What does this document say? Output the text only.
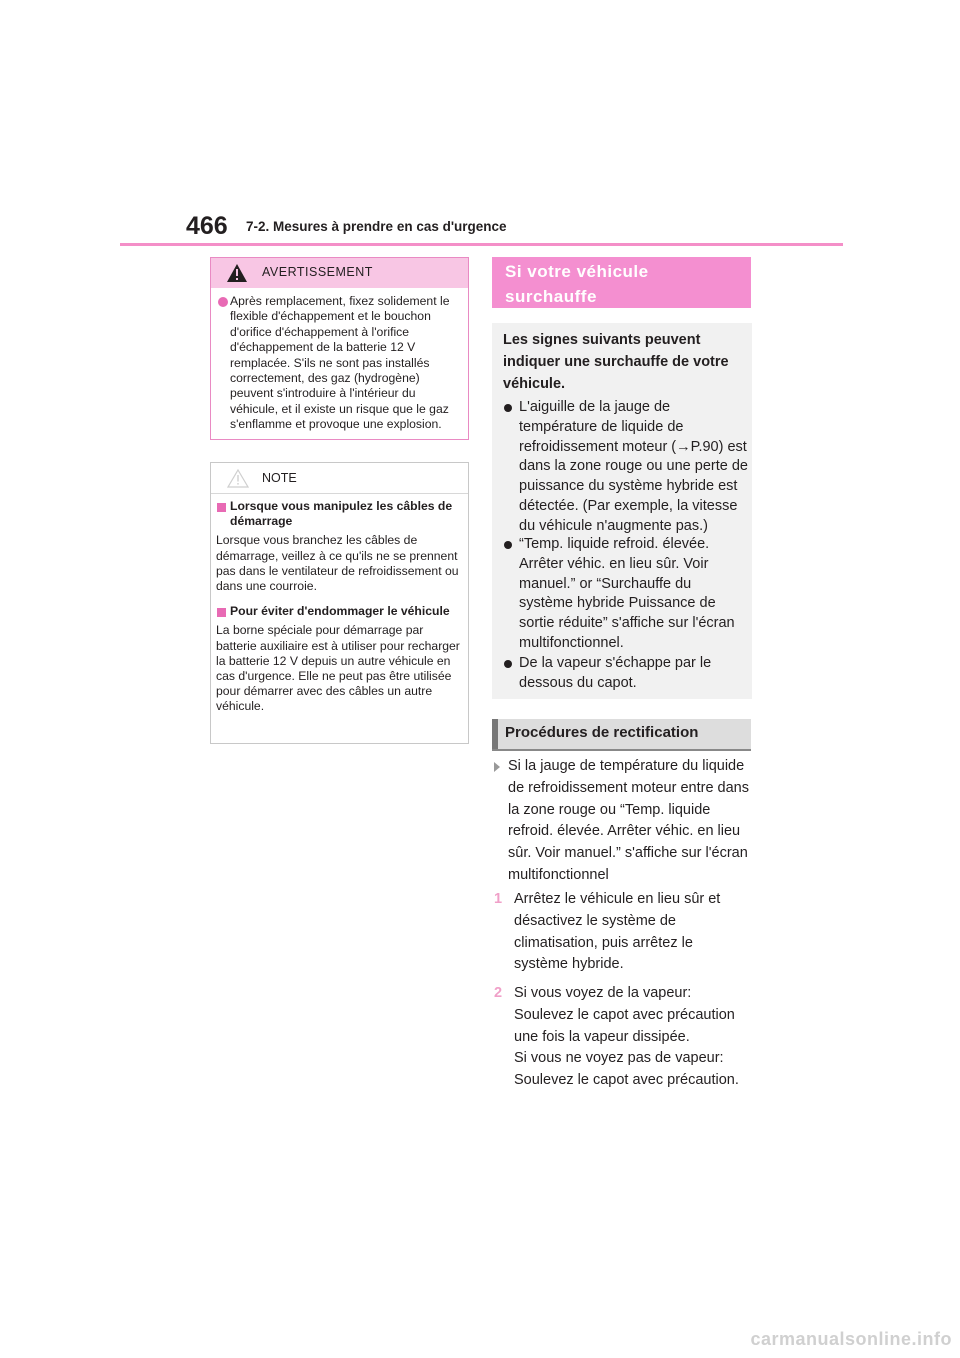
466 7-2. Mesures à prendre en cas d'urgence
AVERTISSEMENT
Après remplacement, fixez solidement le flexible d'échappement et le bouchon d'orifice d'échappement à l'orifice d'échappement de la batterie 12 V remplacée. S'ils ne sont pas installés correctement, des gaz (hydrogène) peuvent s'introduire à l'intérieur du véhicule, et il existe un risque que le gaz s'enflamme et provoque une explosion.
NOTE
Lorsque vous manipulez les câbles de démarrage
Lorsque vous branchez les câbles de démarrage, veillez à ce qu'ils ne se prennent pas dans le ventilateur de refroidissement ou dans une courroie.
Pour éviter d'endommager le véhicule
La borne spéciale pour démarrage par batterie auxiliaire est à utiliser pour recharger la batterie 12 V depuis un autre véhicule en cas d'urgence. Elle ne peut pas être utilisée pour démarrer avec des câbles un autre véhicule.
Si votre véhicule surchauffe
Les signes suivants peuvent indiquer une surchauffe de votre véhicule.
L'aiguille de la jauge de température de liquide de refroidissement moteur (→P.90) est dans la zone rouge ou une perte de puissance du système hybride est détectée. (Par exemple, la vitesse du véhicule n'augmente pas.)
“Temp. liquide refroid. élevée. Arrêter véhic. en lieu sûr. Voir manuel.” or “Surchauffe du système hybride Puissance de sortie réduite” s'affiche sur l'écran multifonctionnel.
De la vapeur s'échappe par le dessous du capot.
Procédures de rectification
Si la jauge de température du liquide de refroidissement moteur entre dans la zone rouge ou “Temp. liquide refroid. élevée. Arrêter véhic. en lieu sûr. Voir manuel.” s'affiche sur l'écran multifonctionnel
1 Arrêtez le véhicule en lieu sûr et désactivez le système de climatisation, puis arrêtez le système hybride.
2 Si vous voyez de la vapeur: Soulevez le capot avec précaution une fois la vapeur dissipée.
Si vous ne voyez pas de vapeur: Soulevez le capot avec précaution.
carmanualsonline.info
